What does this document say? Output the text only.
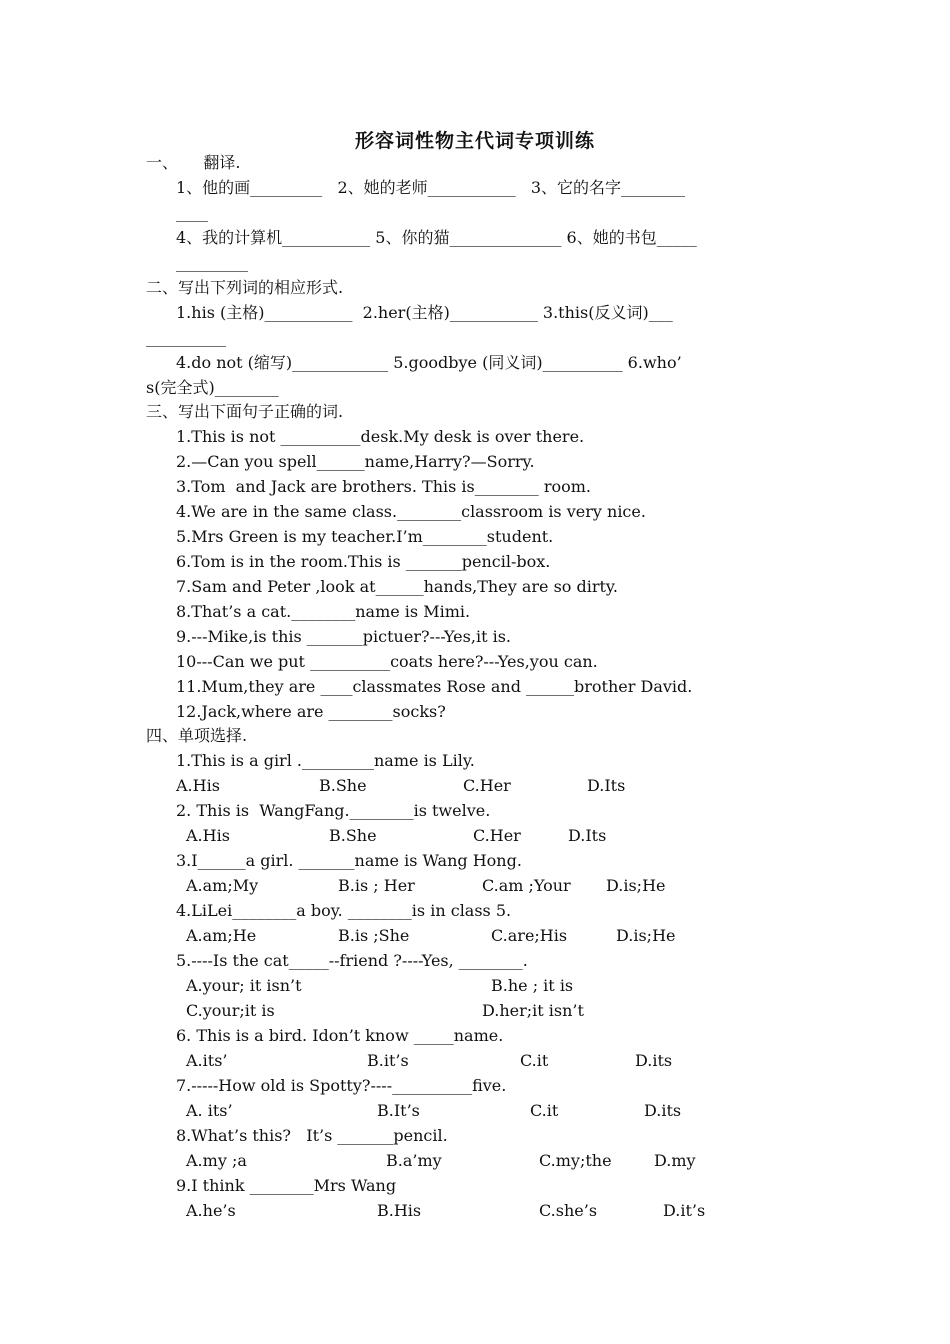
形容词性物主代词专项训练
一、     翻译.
1、他的画_________   2、她的老师___________   3、它的名字________
____
4、我的计算机___________ 5、你的猫______________ 6、她的书包_____
_________
二、写出下列词的相应形式.
1.his (主格)___________  2.her(主格)___________ 3.this(反义词)___
__________
4.do not (缩写)____________ 5.goodbye (同义词)__________ 6.who’
s(完全式)________
三、写出下面句子正确的词.
1.This is not __________desk.My desk is over there.
2.—Can you spell______name,Harry?—Sorry.
3.Tom  and Jack are brothers. This is________ room.
4.We are in the same class.________classroom is very nice.
5.Mrs Green is my teacher.I’m________student.
6.Tom is in the room.This is _______pencil-box.
7.Sam and Peter ,look at______hands,They are so dirty.
8.That’s a cat.________name is Mimi.
9.---Mike,is this _______pictuer?---Yes,it is.
10---Can we put __________coats here?---Yes,you can.
11.Mum,they are ____classmates Rose and ______brother David.
12.Jack,where are ________socks?
四、单项选择.
1.This is a girl ._________name is Lily.
A.His	B.She	C.Her	D.Its
2. This is  WangFang.________is twelve.
A.His	B.She	C.Her	D.Its
3.I______a girl. _______name is Wang Hong.
A.am;My	B.is ; Her	C.am ;Your D.is;He
4.LiLei________a boy. ________is in class 5.
A.am;He	B.is ;She	C.are;His	D.is;He
5.----Is the cat_____--friend ?----Yes, ________.
A.your; it isn’t	B.he ; it is
C.your;it is	D.her;it isn’t
6. This is a bird. Idon’t know _____name.
A.its’	B.it’s	C.it	D.its
7.-----How old is Spotty?----__________five.
A. its’	B.It’s	C.it	D.its
8.What’s this?   It’s _______pencil.
A.my ;a	B.a’my	C.my;the	D.my
9.I think ________Mrs Wang
A.he’s	B.His	C.she’s	D.it’s
